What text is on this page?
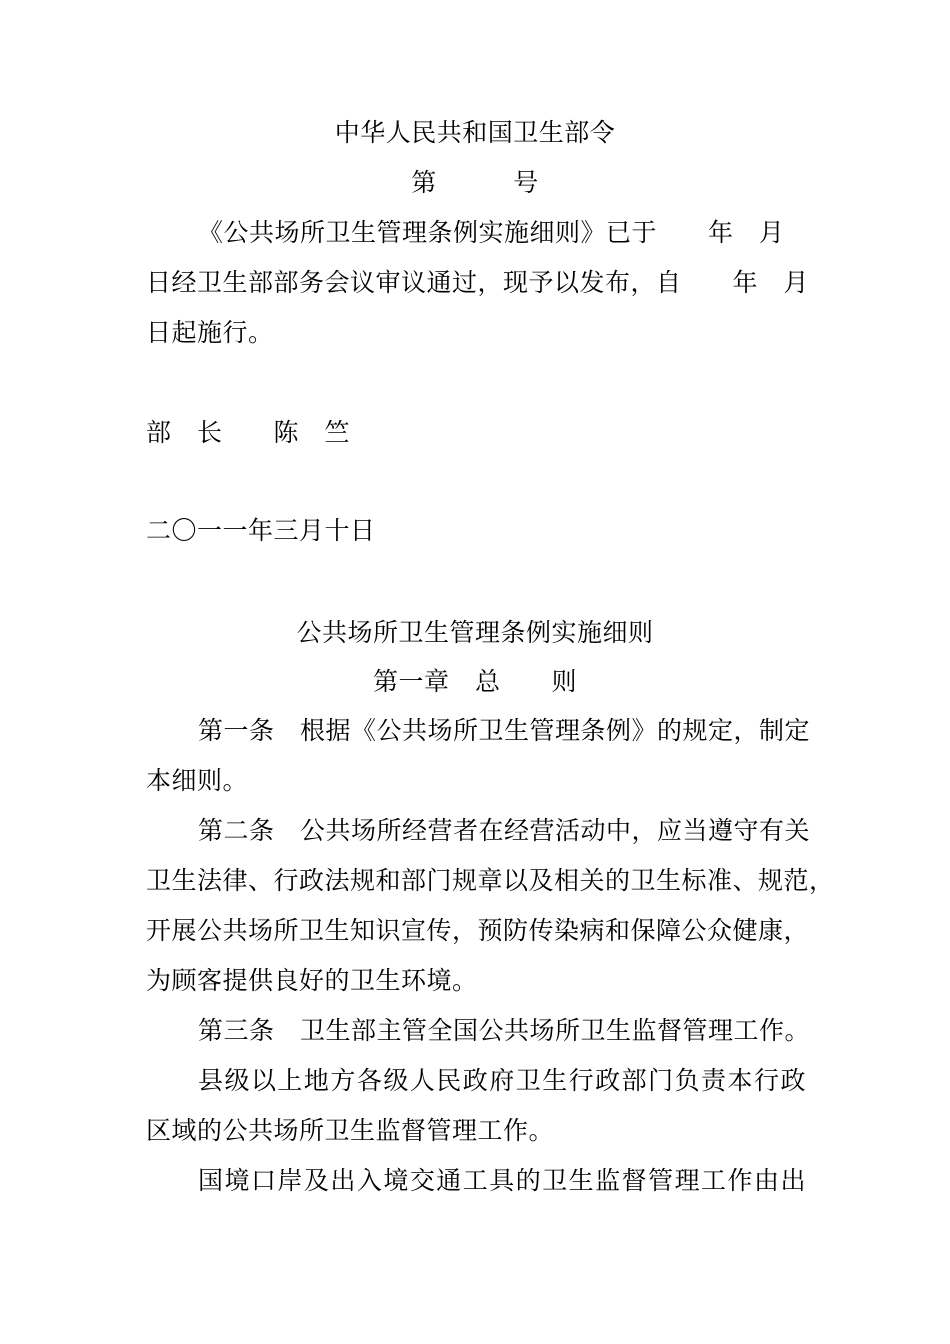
中华人民共和国卫生部令
第　　　号
《公共场所卫生管理条例实施细则》已于　　年　月
日经卫生部部务会议审议通过，现予以发布，自　　年　月
日起施行。
部　长　　陈　竺
二〇一一年三月十日
公共场所卫生管理条例实施细则
第一章　总　　则
第一条　根据《公共场所卫生管理条例》的规定，制定
本细则。
第二条　公共场所经营者在经营活动中，应当遵守有关
卫生法律、行政法规和部门规章以及相关的卫生标准、规范，
开展公共场所卫生知识宣传，预防传染病和保障公众健康，
为顾客提供良好的卫生环境。
第三条　卫生部主管全国公共场所卫生监督管理工作。
县级以上地方各级人民政府卫生行政部门负责本行政
区域的公共场所卫生监督管理工作。
国境口岸及出入境交通工具的卫生监督管理工作由出
